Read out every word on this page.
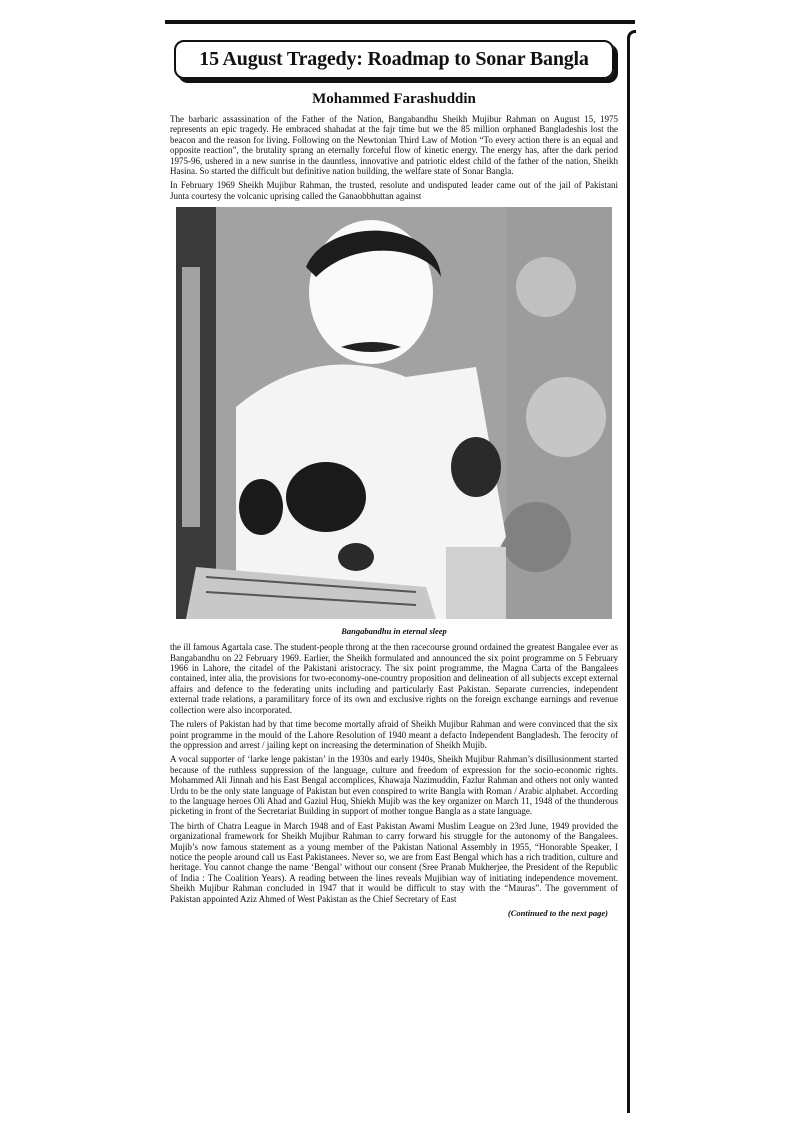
15 August Tragedy: Roadmap to Sonar Bangla
Mohammed Farashuddin

The barbaric assassination of the Father of the Nation, Bangabandhu Sheikh Mujibur Rahman on August 15, 1975 represents an epic tragedy. He embraced shahadat at the fajr time but we the 85 million orphaned Bangladeshis lost the beacon and the reason for living. Following on the Newtonian Third Law of Motion “To every action there is an equal and opposite reaction”, the brutality sprang an eternally forceful flow of kinetic energy. The energy has, after the dark period 1975-96, ushered in a new sunrise in the dauntless, innovative and patriotic eldest child of the father of the nation, Sheikh Hasina. So started the difficult but definitive nation building, the welfare state of Sonar Bangla.

In February 1969 Sheikh Mujibur Rahman, the trusted, resolute and undisputed leader came out of the jail of Pakistani Junta courtesy the volcanic uprising called the Ganaobbhuttan against

Bangabandhu in eternal sleep

the ill famous Agartala case. The student-people throng at the then racecourse ground ordained the greatest Bangalee ever as Bangabandhu on 22 February 1969. Earlier, the Sheikh formulated and announced the six point programme on 5 February 1966 in Lahore, the citadel of the Pakistani aristocracy. The six point programme, the Magna Carta of the Bangalees contained, inter alia, the provisions for two-economy-one-country proposition and delineation of all subjects except external affairs and defence to the federating units including and particularly East Pakistan. Separate currencies, independent external trade relations, a paramilitary force of its own and exclusive rights on the foreign exchange earnings and revenue collection were also incorporated.

The rulers of Pakistan had by that time become mortally afraid of Sheikh Mujibur Rahman and were convinced that the six point programme in the mould of the Lahore Resolution of 1940 meant a defacto Independent Bangladesh. The ferocity of the oppression and arrest / jailing kept on increasing the determination of Sheikh Mujib.

A vocal supporter of ‘larke lenge pakistan’ in the 1930s and early 1940s, Sheikh Mujibur Rahman’s disillusionment started because of the ruthless suppression of the language, culture and freedom of expression for the socio-economic rights. Mohammed Ali Jinnah and his East Bengal accomplices, Khawaja Nazimuddin, Fazlur Rahman and others not only wanted Urdu to be the only state language of Pakistan but even conspired to write Bangla with Roman / Arabic alphabet. According to the language heroes Oli Ahad and Gaziul Huq, Shiekh Mujib was the key organizer on March 11, 1948 of the thunderous picketing in front of the Secretariat Building in support of mother tongue Bangla as a state language.

The birth of Chatra League in March 1948 and of East Pakistan Awami Muslim League on 23rd June, 1949 provided the organizational framework for Sheikh Mujibur Rahman to carry forward his struggle for the autonomy of the Bangalees. Mujib’s now famous statement as a young member of the Pakistan National Assembly in 1955, “Honorable Speaker, I notice the people around call us East Pakistanees. Never so, we are from East Bengal which has a rich tradition, culture and heritage. You cannot change the name ‘Bengal’ without our consent (Sree Pranab Mukherjee, the President of the Republic of India : The Coalition Years). A reading between the lines reveals Mujibian way of initiating independence movement. Sheikh Mujibur Rahman concluded in 1947 that it would be difficult to stay with the “Mauras”. The government of Pakistan appointed Aziz Ahmed of West Pakistan as the Chief Secretary of East

(Continued to the next page)
